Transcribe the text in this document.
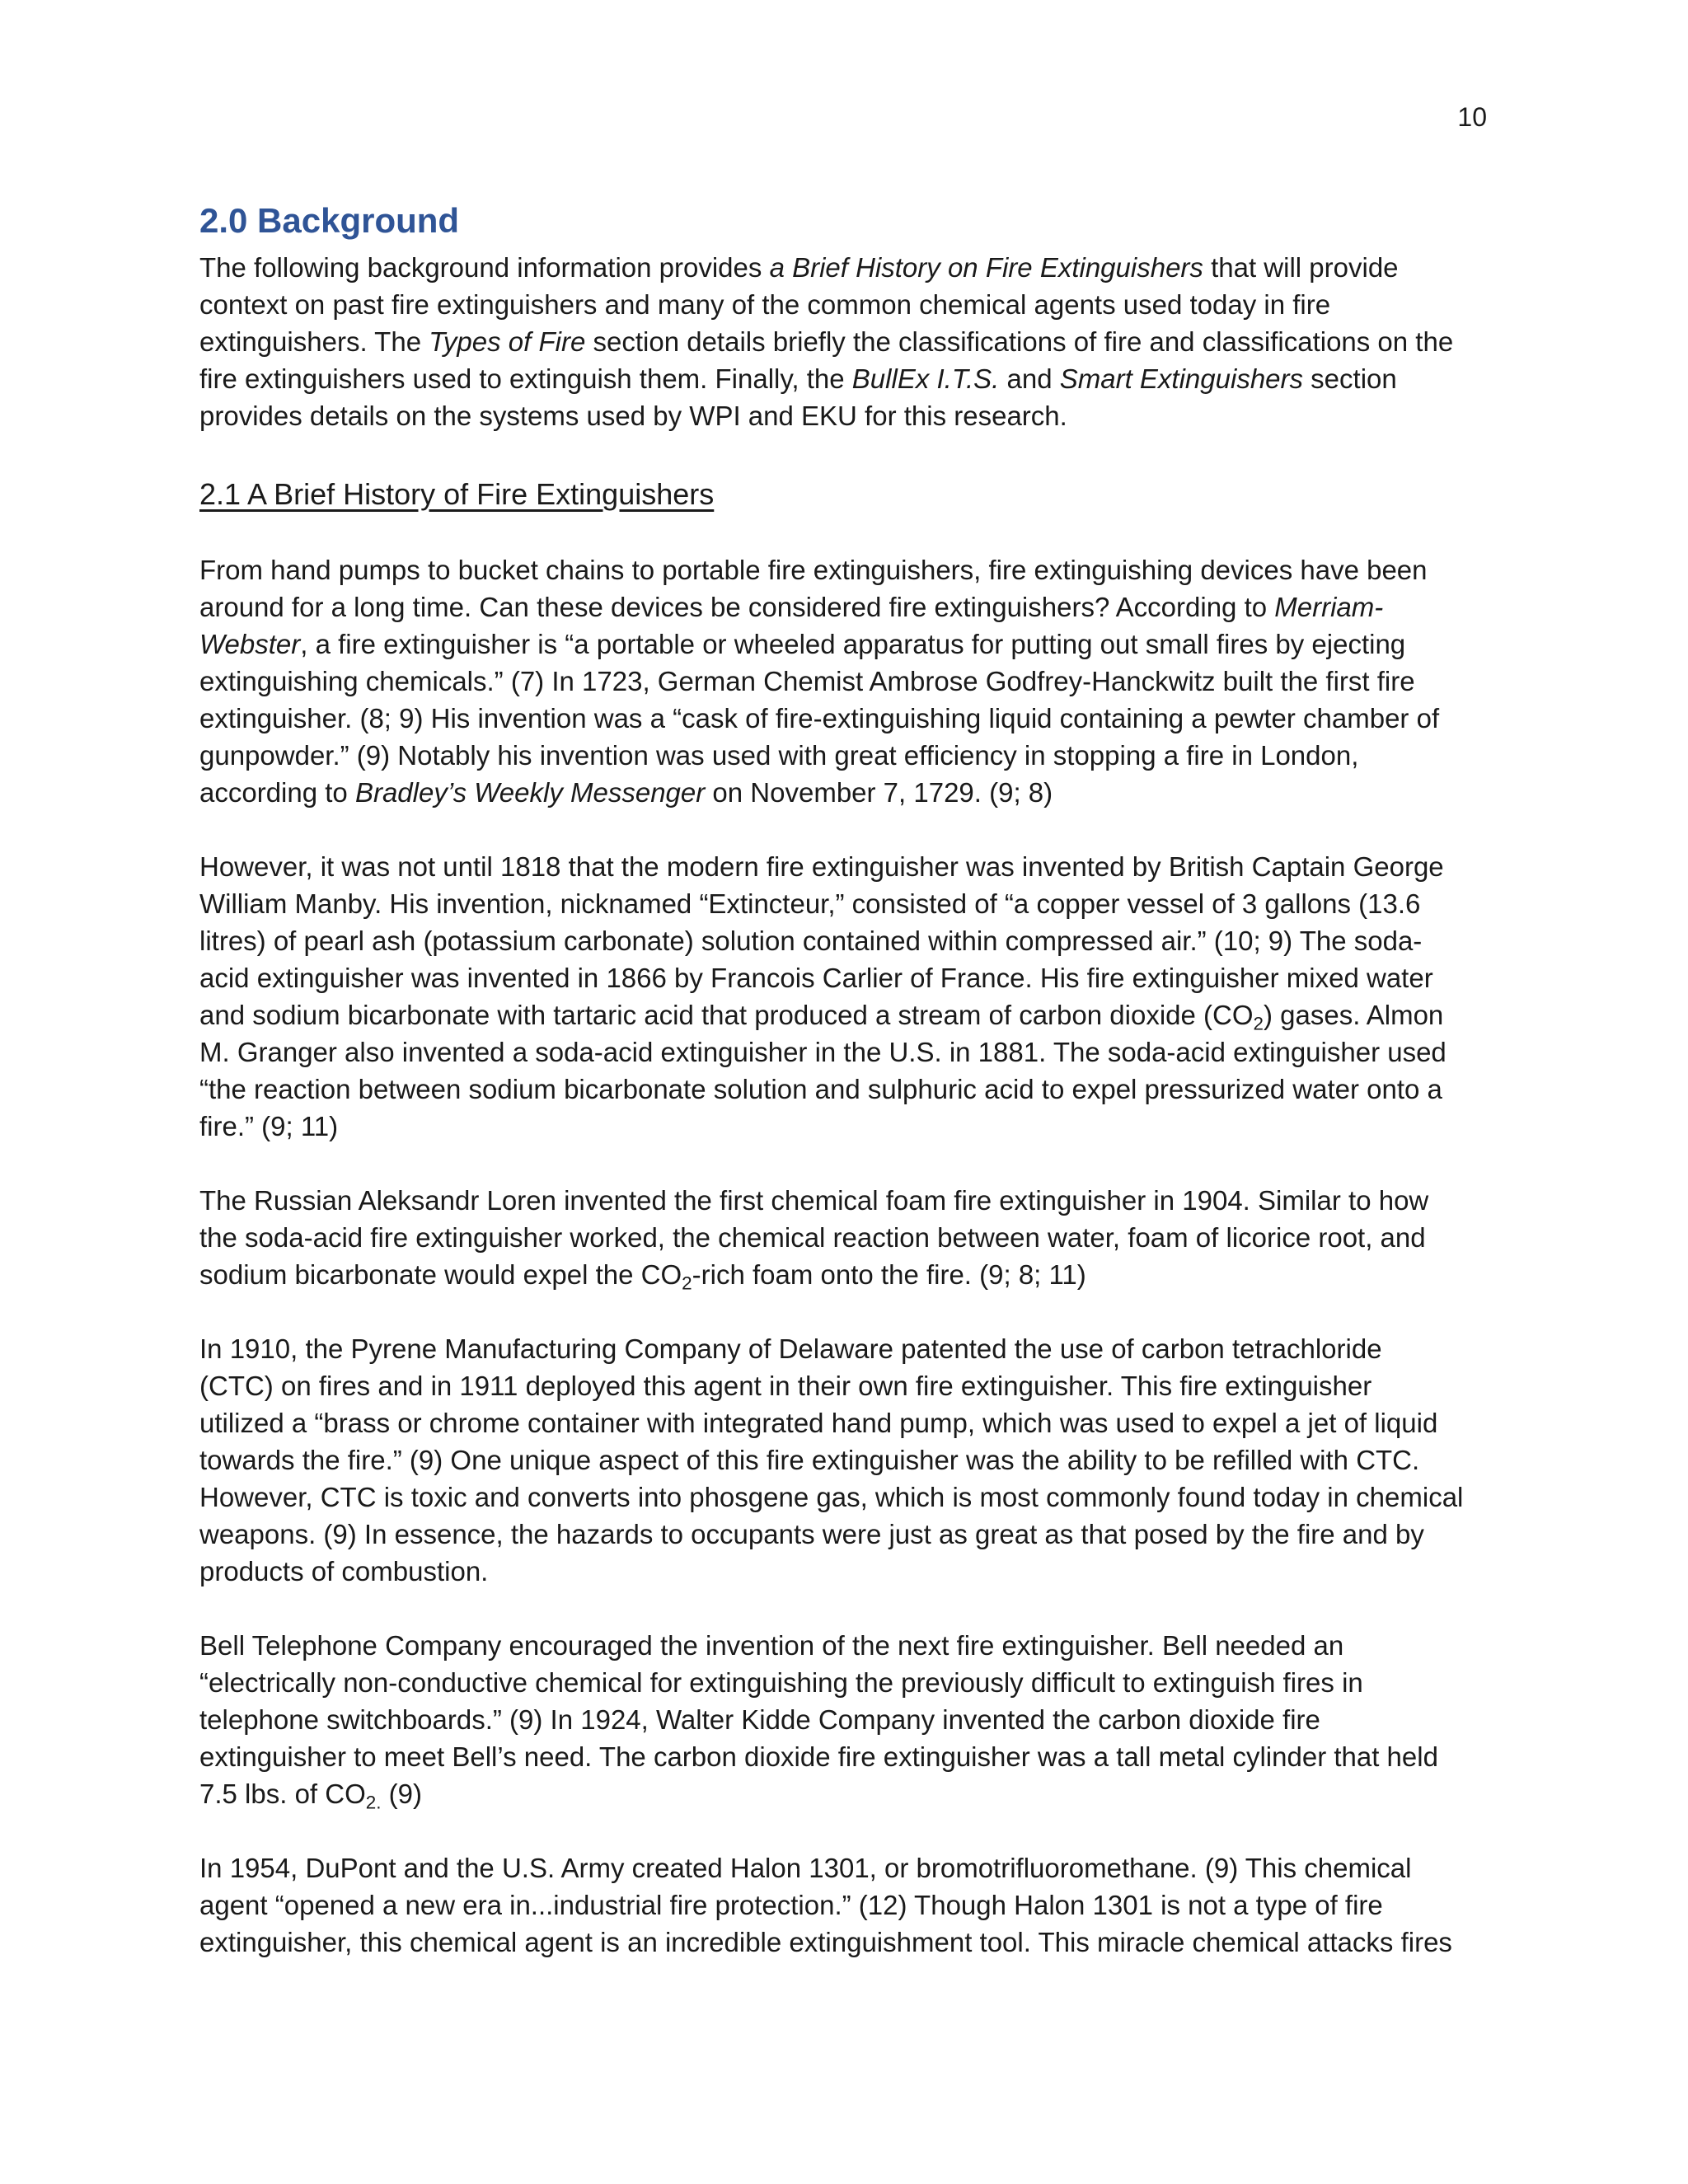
10
2.0 Background

The following background information provides a Brief History on Fire Extinguishers that will provide
context on past fire extinguishers and many of the common chemical agents used today in fire
extinguishers. The Types of Fire section details briefly the classifications of fire and classifications on the
fire extinguishers used to extinguish them. Finally, the BullEx I.T.S. and Smart Extinguishers section
provides details on the systems used by WPI and EKU for this research.

2.1 A Brief History of Fire Extinguishers

From hand pumps to bucket chains to portable fire extinguishers, fire extinguishing devices have been
around for a long time. Can these devices be considered fire extinguishers? According to Merriam-
Webster, a fire extinguisher is “a portable or wheeled apparatus for putting out small fires by ejecting
extinguishing chemicals.” (7) In 1723, German Chemist Ambrose Godfrey-Hanckwitz built the first fire
extinguisher. (8; 9) His invention was a “cask of fire-extinguishing liquid containing a pewter chamber of
gunpowder.” (9) Notably his invention was used with great efficiency in stopping a fire in London,
according to Bradley’s Weekly Messenger on November 7, 1729. (9; 8)

However, it was not until 1818 that the modern fire extinguisher was invented by British Captain George
William Manby. His invention, nicknamed “Extincteur,” consisted of “a copper vessel of 3 gallons (13.6
litres) of pearl ash (potassium carbonate) solution contained within compressed air.” (10; 9) The soda-
acid extinguisher was invented in 1866 by Francois Carlier of France. His fire extinguisher mixed water
and sodium bicarbonate with tartaric acid that produced a stream of carbon dioxide $(CO_2)$ gases. Almon
M. Granger also invented a soda-acid extinguisher in the U.S. in 1881. The soda-acid extinguisher used
“the reaction between sodium bicarbonate solution and sulphuric acid to expel pressurized water onto a
fire.” (9; 11)

The Russian Aleksandr Loren invented the first chemical foam fire extinguisher in 1904. Similar to how
the soda-acid fire extinguisher worked, the chemical reaction between water, foam of licorice root, and
sodium bicarbonate would expel the $CO_2$-rich foam onto the fire. (9; 8; 11)

In 1910, the Pyrene Manufacturing Company of Delaware patented the use of carbon tetrachloride
(CTC) on fires and in 1911 deployed this agent in their own fire extinguisher. This fire extinguisher
utilized a “brass or chrome container with integrated hand pump, which was used to expel a jet of liquid
towards the fire.” (9) One unique aspect of this fire extinguisher was the ability to be refilled with CTC.
However, CTC is toxic and converts into phosgene gas, which is most commonly found today in chemical
weapons. (9) In essence, the hazards to occupants were just as great as that posed by the fire and by
products of combustion.

Bell Telephone Company encouraged the invention of the next fire extinguisher. Bell needed an
“electrically non-conductive chemical for extinguishing the previously difficult to extinguish fires in
telephone switchboards.” (9) In 1924, Walter Kidde Company invented the carbon dioxide fire
extinguisher to meet Bell’s need. The carbon dioxide fire extinguisher was a tall metal cylinder that held
7.5 lbs. of $CO_{2.}$ (9)

In 1954, DuPont and the U.S. Army created Halon 1301, or bromotrifluoromethane. (9) This chemical
agent “opened a new era in...industrial fire protection.” (12) Though Halon 1301 is not a type of fire
extinguisher, this chemical agent is an incredible extinguishment tool. This miracle chemical attacks fires
